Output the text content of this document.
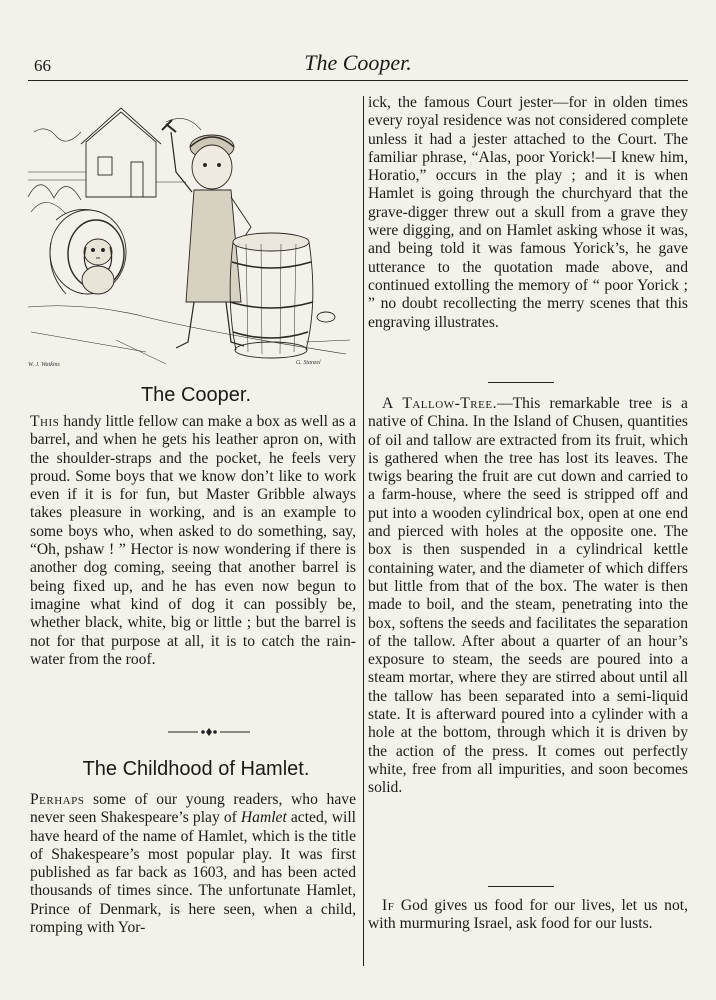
66	The Cooper.
W. J. Watkins	G. Stanzel
The Cooper.

This handy little fellow can make a box as well as a barrel, and when he gets his leather apron on, with the shoulder-straps and the pocket, he feels very proud. Some boys that we know don’t like to work even if it is for fun, but Master Gribble always takes pleasure in working, and is an example to some boys who, when asked to do something, say, “Oh, pshaw ! ” Hector is now wondering if there is another dog coming, seeing that another barrel is being fixed up, and he has even now begun to imagine what kind of dog it can possibly be, whether black, white, big or little ; but the barrel is not for that purpose at all, it is to catch the rain-water from the roof.

The Childhood of Hamlet.

Perhaps some of our young readers, who have never seen Shakespeare’s play of Hamlet acted, will have heard of the name of Hamlet, which is the title of Shakespeare’s most popular play. It was first published as far back as 1603, and has been acted thousands of times since. The unfortunate Hamlet, Prince of Denmark, is here seen, when a child, romping with Yor-

ick, the famous Court jester—for in olden times every royal residence was not considered complete unless it had a jester attached to the Court. The familiar phrase, “Alas, poor Yorick!—I knew him, Horatio,” occurs in the play ; and it is when Hamlet is going through the churchyard that the grave-digger threw out a skull from a grave they were digging, and on Hamlet asking whose it was, and being told it was famous Yorick’s, he gave utterance to the quotation made above, and continued extolling the memory of “ poor Yorick ; ” no doubt recollecting the merry scenes that this engraving illustrates.

A Tallow-Tree.—This remarkable tree is a native of China. In the Island of Chusen, quantities of oil and tallow are extracted from its fruit, which is gathered when the tree has lost its leaves. The twigs bearing the fruit are cut down and carried to a farm-house, where the seed is stripped off and put into a wooden cylindrical box, open at one end and pierced with holes at the opposite one. The box is then suspended in a cylindrical kettle containing water, and the diameter of which differs but little from that of the box. The water is then made to boil, and the steam, penetrating into the box, softens the seeds and facilitates the separation of the tallow. After about a quarter of an hour’s exposure to steam, the seeds are poured into a steam mortar, where they are stirred about until all the tallow has been separated into a semi-liquid state. It is afterward poured into a cylinder with a hole at the bottom, through which it is driven by the action of the press. It comes out perfectly white, free from all impurities, and soon becomes solid.

If God gives us food for our lives, let us not, with murmuring Israel, ask food for our lusts.
